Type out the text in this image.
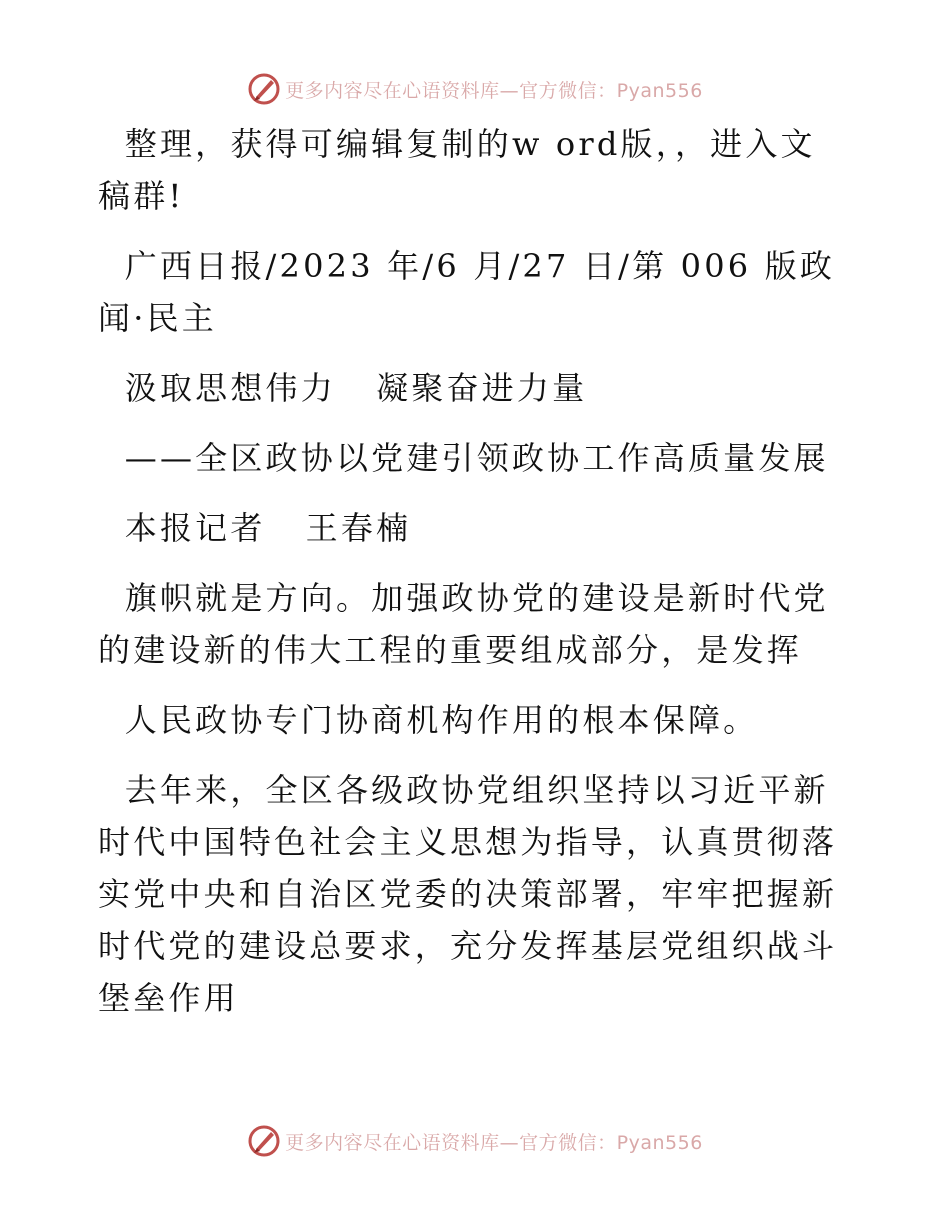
更多内容尽在心语资料库—官方微信：Pyan556

整理，获得可编辑复制的w ord版，，进入文稿群!

广西日报/2023 年/6 月/27 日/第 006 版政闻·民主

汲取思想伟力   凝聚奋进力量

——全区政协以党建引领政协工作高质量发展

本报记者   王春楠

旗帜就是方向。加强政协党的建设是新时代党的建设新的伟大工程的重要组成部分，是发挥

人民政协专门协商机构作用的根本保障。

去年来，全区各级政协党组织坚持以习近平新时代中国特色社会主义思想为指导，认真贯彻落实党中央和自治区党委的决策部署，牢牢把握新时代党的建设总要求，充分发挥基层党组织战斗堡垒作用

更多内容尽在心语资料库—官方微信：Pyan556
